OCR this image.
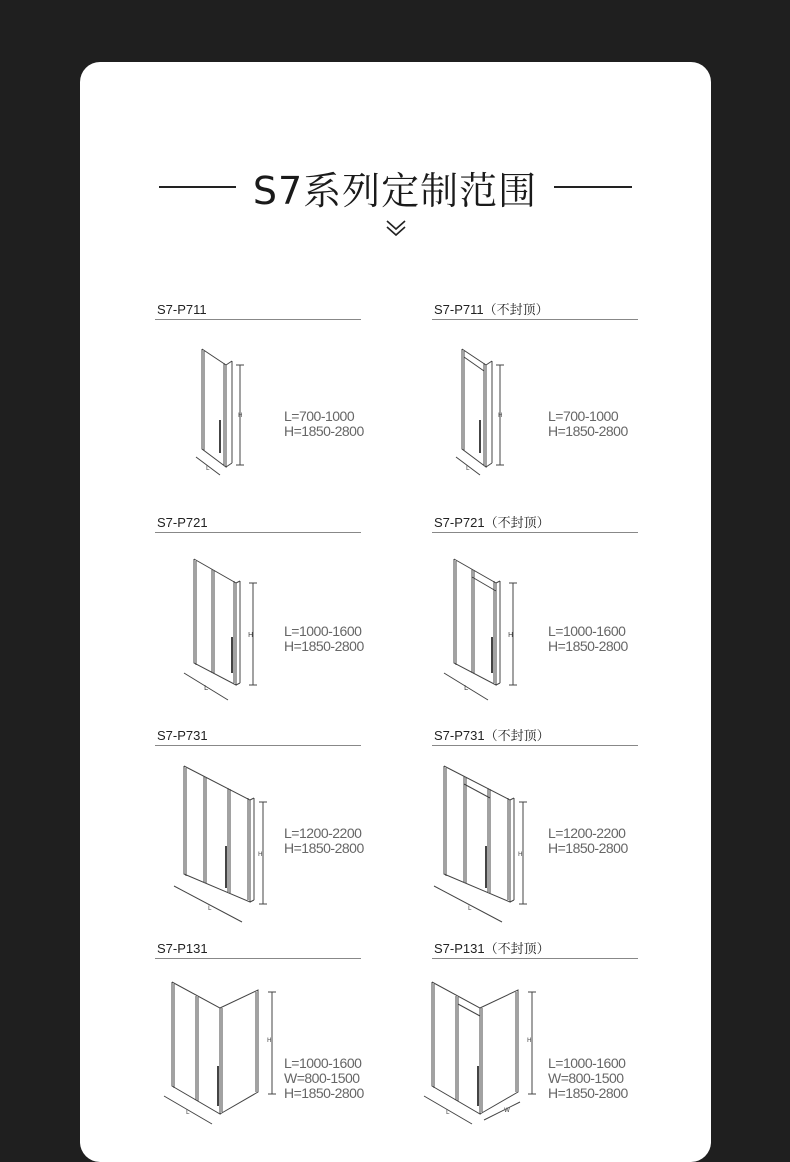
S7系列定制范围
S7-P711
H
L
L=700-1000
H=1850-2800
S7-P711（不封顶）
H
L
L=700-1000
H=1850-2800
S7-P721
H
L
L=1000-1600
H=1850-2800
S7-P721（不封顶）
H
L
L=1000-1600
H=1850-2800
S7-P731
H
L
L=1200-2200
H=1850-2800
S7-P731（不封顶）
H
L
L=1200-2200
H=1850-2800
S7-P131
H
L
L=1000-1600
W=800-1500
H=1850-2800
S7-P131（不封顶）
H
L	W
L=1000-1600
W=800-1500
H=1850-2800
